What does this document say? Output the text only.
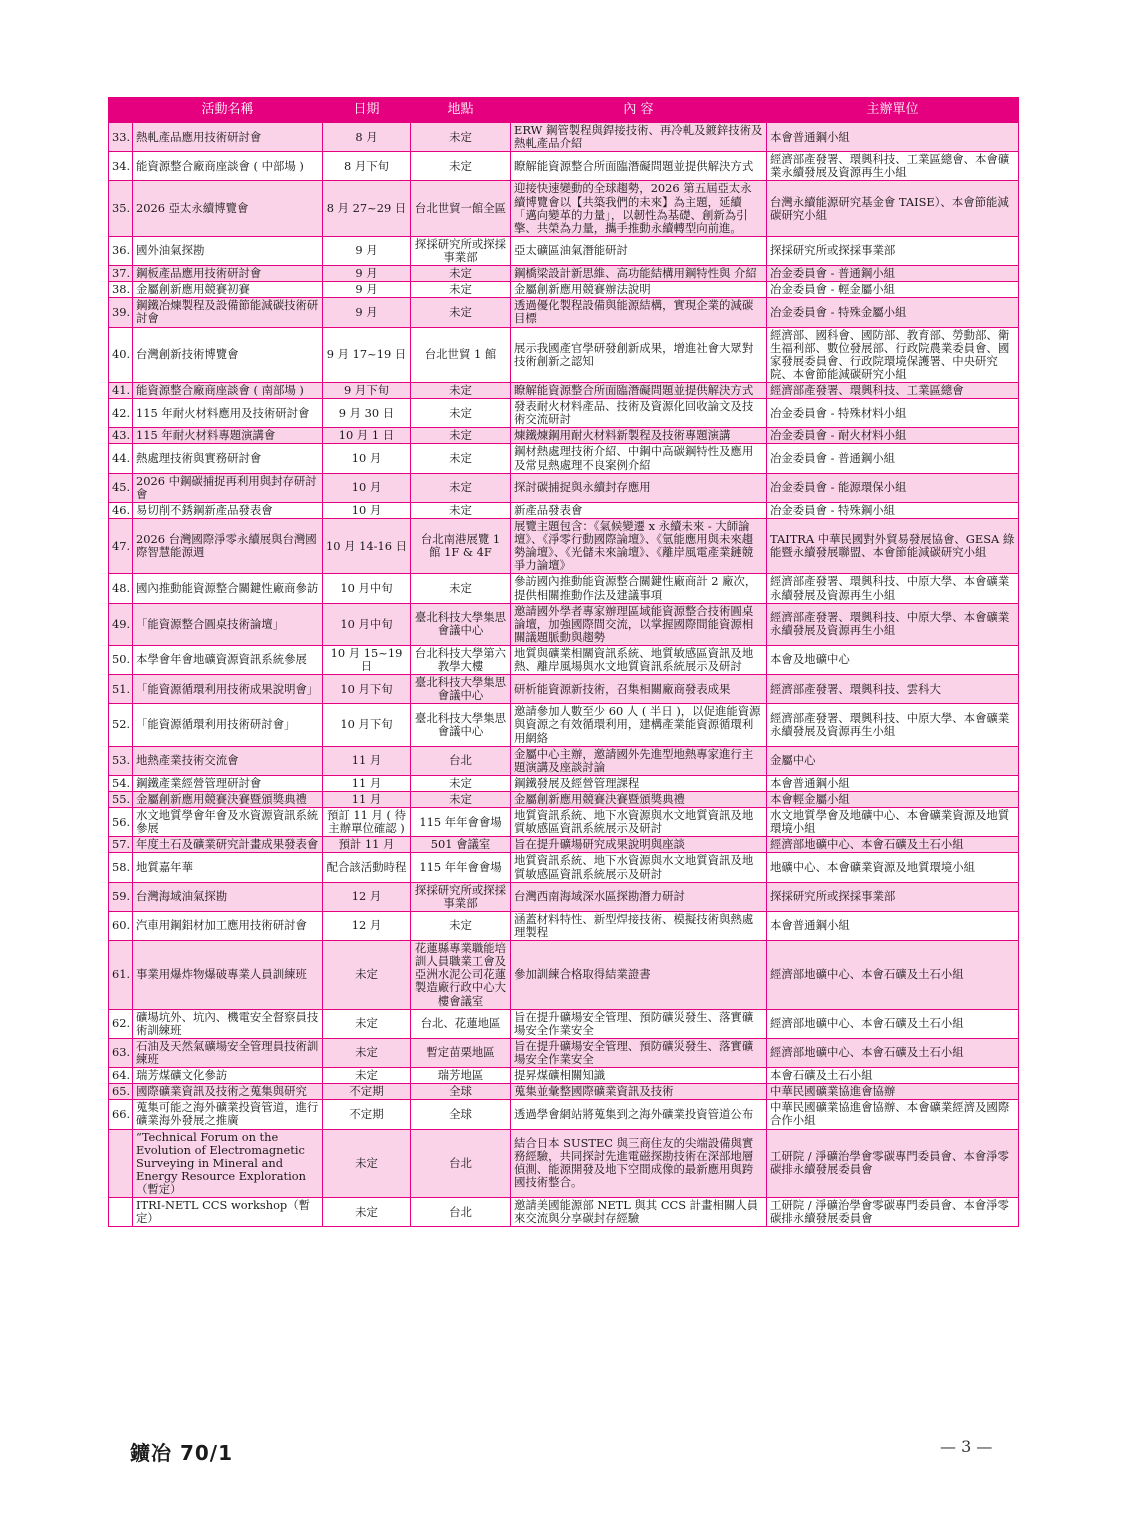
	活動名稱	日期	地點	內 容	主辦單位
33.	熱軋產品應用技術研討會	8 月	未定	ERW 鋼管製程與銲接技術、再冷軋及鍍鋅技術及熱軋產品介紹	本會普通鋼小組
34.	能資源整合廠商座談會 ( 中部場 )	8 月下旬	未定	瞭解能資源整合所面臨潛礙問題並提供解決方式	經濟部產發署、環興科技、工業區總會、本會礦業永續發展及資源再生小組
35.	2026 亞太永續博覽會	8 月 27~29 日	台北世貿一館全區	迎接快速變動的全球趨勢，2026 第五屆亞太永續博覽會以【共築我們的未來】為主題，延續「邁向變革的力量」，以韌性為基礎、創新為引擎、共榮為力量，攜手推動永續轉型向前進。	台灣永續能源研究基金會 TAISE）、本會節能減碳研究小組
36.	國外油氣探勘	9 月	探採研究所或探採事業部	亞太礦區油氣潛能研討	探採研究所或探採事業部
37.	鋼板產品應用技術研討會	9 月	未定	鋼橋梁設計新思維、高功能結構用鋼特性與 介紹	冶金委員會 - 普通鋼小組
38.	金屬創新應用競賽初賽	9 月	未定	金屬創新應用競賽辦法說明	冶金委員會 - 輕金屬小組
39.	鋼鐵冶煉製程及設備節能減碳技術研討會	9 月	未定	透過優化製程設備與能源結構，實現企業的減碳目標	冶金委員會 - 特殊金屬小組
40.	台灣創新技術博覽會	9 月 17~19 日	台北世貿 1 館	展示我國產官學研發創新成果，增進社會大眾對技術創新之認知	經濟部、國科會、國防部、教育部、勞動部、衛生福利部、數位發展部、行政院農業委員會、國家發展委員會、行政院環境保護署、中央研究院、本會節能減碳研究小組
41.	能資源整合廠商座談會 ( 南部場 )	9 月下旬	未定	瞭解能資源整合所面臨潛礙問題並提供解決方式	經濟部產發署、環興科技、工業區總會
42.	115 年耐火材料應用及技術研討會	9 月 30 日	未定	發表耐火材料產品、技術及資源化回收論文及技術交流研討	冶金委員會 - 特殊材料小組
43.	115 年耐火材料專題演講會	10 月 1 日	未定	煉鐵煉鋼用耐火材料新製程及技術專題演講	冶金委員會 - 耐火材料小組
44.	熱處理技術與實務研討會	10 月	未定	鋼材熱處理技術介紹、中鋼中高碳鋼特性及應用及常見熱處理不良案例介紹	冶金委員會 - 普通鋼小組
45.	2026 中鋼碳捕捉再利用與封存研討會	10 月	未定	探討碳捕捉與永續封存應用	冶金委員會 - 能源環保小組
46.	易切削不銹鋼新產品發表會	10 月	未定	新產品發表會	冶金委員會 - 特殊鋼小組
47.	2026 台灣國際淨零永續展與台灣國際智慧能源週	10 月 14-16 日	台北南港展覽 1 館 1F & 4F	展覽主題包含：《氣候變遷 x 永續未來 - 大師論壇》、《淨零行動國際論壇》、《氫能應用與未來趨勢論壇》、《光儲未來論壇》、《離岸風電產業鏈競爭力論壇》	TAITRA 中華民國對外貿易發展協會、GESA 綠能暨永續發展聯盟、本會節能減碳研究小組
48.	國內推動能資源整合關鍵性廠商參訪	10 月中旬	未定	參訪國內推動能資源整合關鍵性廠商計 2 廠次，提供相關推動作法及建議事項	經濟部產發署、環興科技、中原大學、本會礦業永續發展及資源再生小組
49.	「能資源整合圓桌技術論壇」	10 月中旬	臺北科技大學集思會議中心	邀請國外學者專家辦理區域能資源整合技術圓桌論壇，加強國際間交流，以掌握國際間能資源相關議題脈動與趨勢	經濟部產發署、環興科技、中原大學、本會礦業永續發展及資源再生小組
50.	本學會年會地礦資源資訊系統參展	10 月 15~19 日	台北科技大學第六教學大樓	地質與礦業相關資訊系統、地質敏感區資訊及地熱、離岸風場與水文地質資訊系統展示及研討	本會及地礦中心
51.	「能資源循環利用技術成果說明會」	10 月下旬	臺北科技大學集思會議中心	研析能資源新技術，召集相關廠商發表成果	經濟部產發署、環興科技、雲科大
52.	「能資源循環利用技術研討會」	10 月下旬	臺北科技大學集思會議中心	邀請參加人數至少 60 人 ( 半日 )，以促進能資源與資源之有效循環利用，建構產業能資源循環利用網絡	經濟部產發署、環興科技、中原大學、本會礦業永續發展及資源再生小組
53.	地熱產業技術交流會	11 月	台北	金屬中心主辦，邀請國外先進型地熱專家進行主題演講及座談討論	金屬中心
54.	鋼鐵產業經營管理研討會	11 月	未定	鋼鐵發展及經營管理課程	本會普通鋼小組
55.	金屬創新應用競賽決賽暨頒獎典禮	11 月	未定	金屬創新應用競賽決賽暨頒獎典禮	本會輕金屬小組
56.	水文地質學會年會及水資源資訊系統參展	預訂 11 月 ( 待主辦單位確認 )	115 年年會會場	地質資訊系統、地下水資源與水文地質資訊及地質敏感區資訊系統展示及研討	水文地質學會及地礦中心、本會礦業資源及地質環境小組
57.	年度土石及礦業研究計畫成果發表會	預計 11 月	501 會議室	旨在提升礦場研究成果說明與座談	經濟部地礦中心、本會石礦及土石小組
58.	地質嘉年華	配合該活動時程	115 年年會會場	地質資訊系統、地下水資源與水文地質資訊及地質敏感區資訊系統展示及研討	地礦中心、本會礦業資源及地質環境小組
59.	台灣海域油氣探勘	12 月	探採研究所或探採事業部	台灣西南海域深水區探勘潛力研討	探採研究所或探採事業部
60.	汽車用鋼鋁材加工應用技術研討會	12 月	未定	涵蓋材料特性、新型焊接技術、模擬技術與熱處理製程	本會普通鋼小組
61.	事業用爆炸物爆破專業人員訓練班	未定	花蓮縣專業職能培訓人員職業工會及亞洲水泥公司花蓮製造廠行政中心大樓會議室	參加訓練合格取得結業證書	經濟部地礦中心、本會石礦及土石小組
62.	礦場坑外、坑內、機電安全督察員技術訓練班	未定	台北、花蓮地區	旨在提升礦場安全管理、預防礦災發生、落實礦場安全作業安全	經濟部地礦中心、本會石礦及土石小組
63.	石油及天然氣礦場安全管理員技術訓練班	未定	暫定苗栗地區	旨在提升礦場安全管理、預防礦災發生、落實礦場安全作業安全	經濟部地礦中心、本會石礦及土石小組
64.	瑞芳煤礦文化參訪	未定	瑞芳地區	提昇煤礦相關知識	本會石礦及土石小組
65.	國際礦業資訊及技術之蒐集與研究	不定期	全球	蒐集並彙整國際礦業資訊及技術	中華民國礦業協進會協辦
66.	蒐集可能之海外礦業投資管道，進行礦業海外發展之推廣	不定期	全球	透過學會網站將蒐集到之海外礦業投資管道公布	中華民國礦業協進會協辦、本會礦業經濟及國際合作小組
	“Technical Forum on the Evolution of Electromagnetic Surveying in Mineral and Energy Resource Exploration（暫定）	未定	台北	結合日本 SUSTEC 與三商住友的尖端設備與實務經驗，共同探討先進電磁探勘技術在深部地層偵測、能源開發及地下空間成像的最新應用與跨國技術整合。	工研院 / 淨礦治學會零碳專門委員會、本會淨零碳排永續發展委員會
	ITRI-NETL CCS workshop（暫定）	未定	台北	邀請美國能源部 NETL 與其 CCS 計畫相關人員來交流與分享碳封存經驗	工研院 / 淨礦治學會零碳專門委員會、本會淨零碳排永續發展委員會
鑛冶 70/1	— 3 —
